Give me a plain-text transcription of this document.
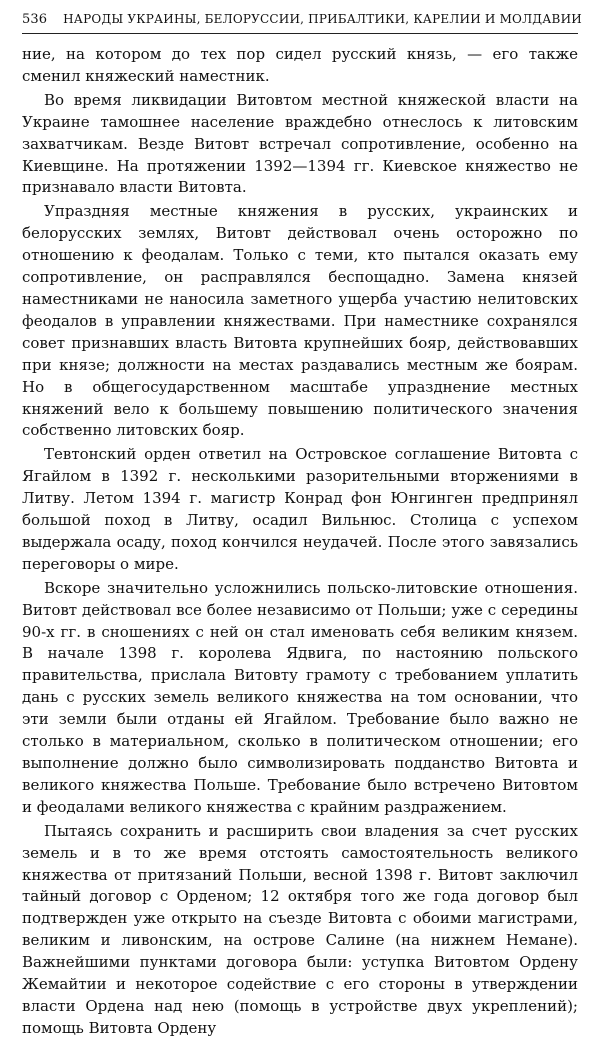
536 НАРОДЫ УКРАИНЫ, БЕЛОРУССИИ, ПРИБАЛТИКИ, КАРЕЛИИ И МОЛДАВИИ

ние, на котором до тех пор сидел русский князь, — его также сменил княжеский наместник.

Во время ликвидации Витовтом местной княжеской власти на Украине тамошнее население враждебно отнеслось к литовским захватчикам. Везде Витовт встречал сопротивление, особенно на Киевщине. На протяжении 1392—1394 гг. Киевское княжество не признавало власти Витовта.

Упраздняя местные княжения в русских, украинских и белорусских землях, Витовт действовал очень осторожно по отношению к феодалам. Только с теми, кто пытался оказать ему сопротивление, он расправлялся беспощадно. Замена князей наместниками не наносила заметного ущерба участию нелитовских феодалов в управлении княжествами. При наместнике сохранялся совет признавших власть Витовта крупнейших бояр, действовавших при князе; должности на местах раздавались местным же боярам. Но в общегосударственном масштабе упразднение местных княжений вело к большему повышению политического значения собственно литовских бояр.

Тевтонский орден ответил на Островское соглашение Витовта с Ягайлом в 1392 г. несколькими разорительными вторжениями в Литву. Летом 1394 г. магистр Конрад фон Юнгинген предпринял большой поход в Литву, осадил Вильнюс. Столица с успехом выдержала осаду, поход кончился неудачей. После этого завязались переговоры о мире.

Вскоре значительно усложнились польско-литовские отношения. Витовт действовал все более независимо от Польши; уже с середины 90-х гг. в сношениях с ней он стал именовать себя великим князем. В начале 1398 г. королева Ядвига, по настоянию польского правительства, прислала Витовту грамоту с требованием уплатить дань с русских земель великого княжества на том основании, что эти земли были отданы ей Ягайлом. Требование было важно не столько в материальном, сколько в политическом отношении; его выполнение должно было символизировать подданство Витовта и великого княжества Польше. Требование было встречено Витовтом и феодалами великого княжества с крайним раздражением.

Пытаясь сохранить и расширить свои владения за счет русских земель и в то же время отстоять самостоятельность великого княжества от притязаний Польши, весной 1398 г. Витовт заключил тайный договор с Орденом; 12 октября того же года договор был подтвержден уже открыто на съезде Витовта с обоими магистрами, великим и ливонским, на острове Салине (на нижнем Немане). Важнейшими пунктами договора были: уступка Витовтом Ордену Жемайтии и некоторое содействие с его стороны в утверждении власти Ордена над нею (помощь в устройстве двух укреплений); помощь Витовта Ордену
